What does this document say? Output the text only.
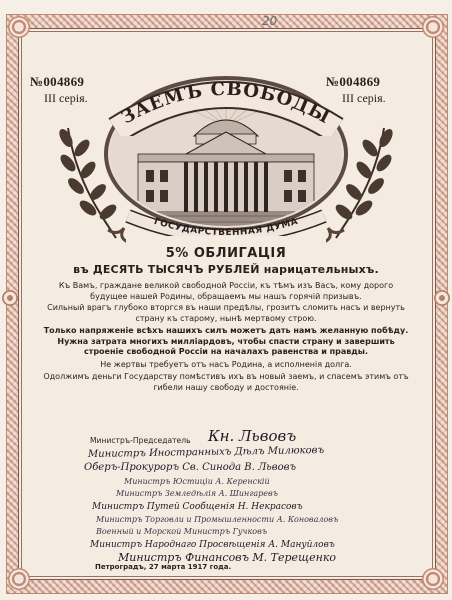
20
№004869	№004869
III серія.	III серія.
ЗАЕМЪ СВОБОДЫ
ГОСУДАРСТВЕННАЯ ДУМА
5% ОБЛИГАЦІЯ
въ ДЕСЯТЬ ТЫСЯЧЪ РУБЛЕЙ нарицательныхъ.
Къ Вамъ, граждане великой свободной Россіи, къ тѣмъ изъ Васъ, кому дорого будущее нашей Родины, обращаемъ мы нашъ горячій призывъ.
Сильный врагъ глубоко вторгся въ наши предѣлы, грозитъ сломить насъ и вернуть страну къ старому, нынѣ мертвому строю.
Только напряженіе всѣхъ нашихъ силъ можетъ дать намъ желанную побѣду. Нужна затрата многихъ милліардовъ, чтобы спасти страну и завершить строеніе свободной Россіи на началахъ равенства и правды.
Не жертвы требуетъ отъ насъ Родина, а исполненія долга.
Одолжимъ деньги Государству помѣстивъ ихъ въ новый заемъ, и спасемъ этимъ отъ гибели нашу свободу и достояніе.
Министръ-Председатель Кн. Львовъ
Министръ Иностранныхъ Дѣлъ Милюковъ
Оберъ-Прокуроръ Св. Синода В. Львовъ
Министръ Юстиціи А. Керенскій
Министръ Земледѣлія А. Шингаревъ
Министръ Путей Сообщенія Н. Некрасовъ
Министръ Торговли и Промышленности А. Коноваловъ
Военный и Морской Министръ Гучковъ
Министръ Народнаго Просвѣщенія А. Мануйловъ
Министръ Финансовъ М. Терещенко
Петроградъ, 27 марта 1917 года.
